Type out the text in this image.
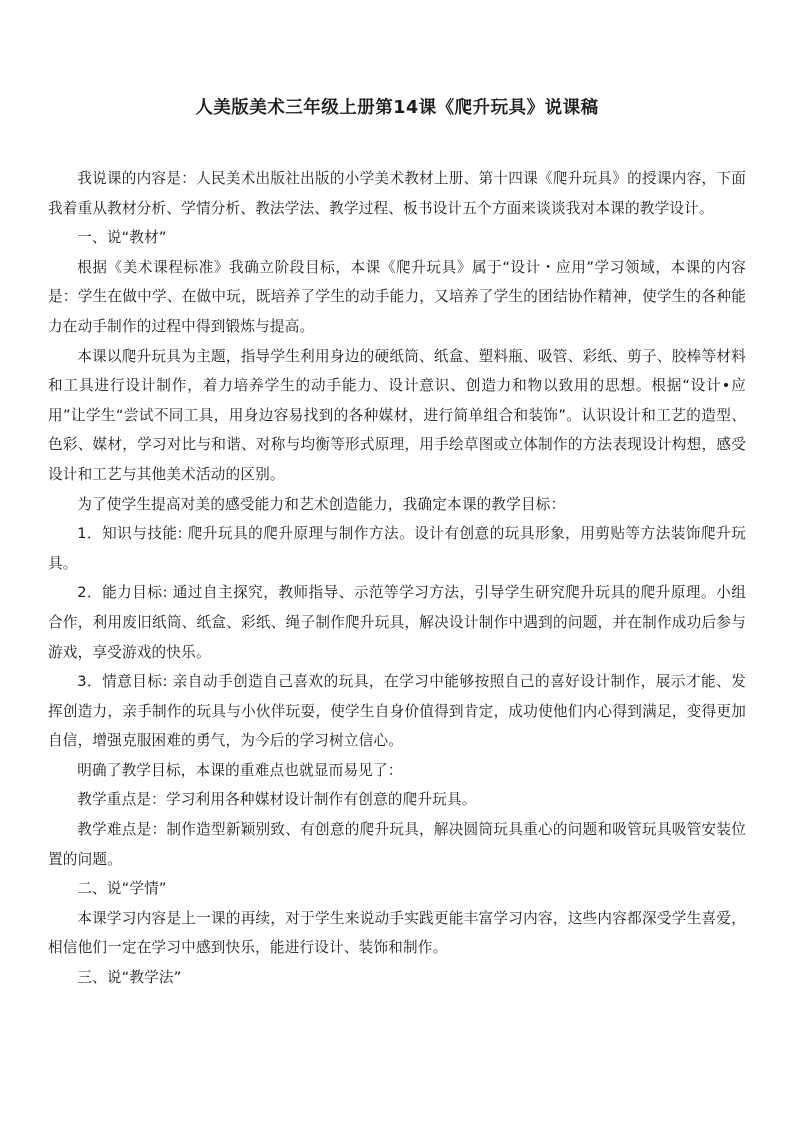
人美版美术三年级上册第14课《爬升玩具》说课稿

我说课的内容是：人民美术出版社出版的小学美术教材上册、第十四课《爬升玩具》的授课内容，下面我着重从教材分析、学情分析、教法学法、教学过程、板书设计五个方面来谈谈我对本课的教学设计。

一、说“教材”

根据《美术课程标准》我确立阶段目标，本课《爬升玩具》属于“设计・应用”学习领域，本课的内容是：学生在做中学、在做中玩，既培养了学生的动手能力，又培养了学生的团结协作精神，使学生的各种能力在动手制作的过程中得到锻炼与提高。

本课以爬升玩具为主题，指导学生利用身边的硬纸筒、纸盒、塑料瓶、吸管、彩纸、剪子、胶棒等材料和工具进行设计制作，着力培养学生的动手能力、设计意识、创造力和物以致用的思想。根据“设计•应用”让学生“尝试不同工具，用身边容易找到的各种媒材，进行简单组合和装饰”。认识设计和工艺的造型、色彩、媒材，学习对比与和谐、对称与均衡等形式原理，用手绘草图或立体制作的方法表现设计构想，感受设计和工艺与其他美术活动的区别。

为了使学生提高对美的感受能力和艺术创造能力，我确定本课的教学目标：

1．知识与技能: 爬升玩具的爬升原理与制作方法。设计有创意的玩具形象，用剪贴等方法装饰爬升玩具。

2．能力目标: 通过自主探究，教师指导、示范等学习方法，引导学生研究爬升玩具的爬升原理。小组合作，利用废旧纸筒、纸盒、彩纸、绳子制作爬升玩具，解决设计制作中遇到的问题，并在制作成功后参与游戏，享受游戏的快乐。

3．情意目标: 亲自动手创造自己喜欢的玩具，在学习中能够按照自己的喜好设计制作，展示才能、发挥创造力，亲手制作的玩具与小伙伴玩耍，使学生自身价值得到肯定，成功使他们内心得到满足，变得更加自信，增强克服困难的勇气，为今后的学习树立信心。

明确了教学目标，本课的重难点也就显而易见了：

教学重点是：学习利用各种媒材设计制作有创意的爬升玩具。

教学难点是：制作造型新颖别致、有创意的爬升玩具，解决圆筒玩具重心的问题和吸管玩具吸管安装位置的问题。

二、说“学情”

本课学习内容是上一课的再续，对于学生来说动手实践更能丰富学习内容，这些内容都深受学生喜爱，相信他们一定在学习中感到快乐，能进行设计、装饰和制作。

三、说“教学法”
